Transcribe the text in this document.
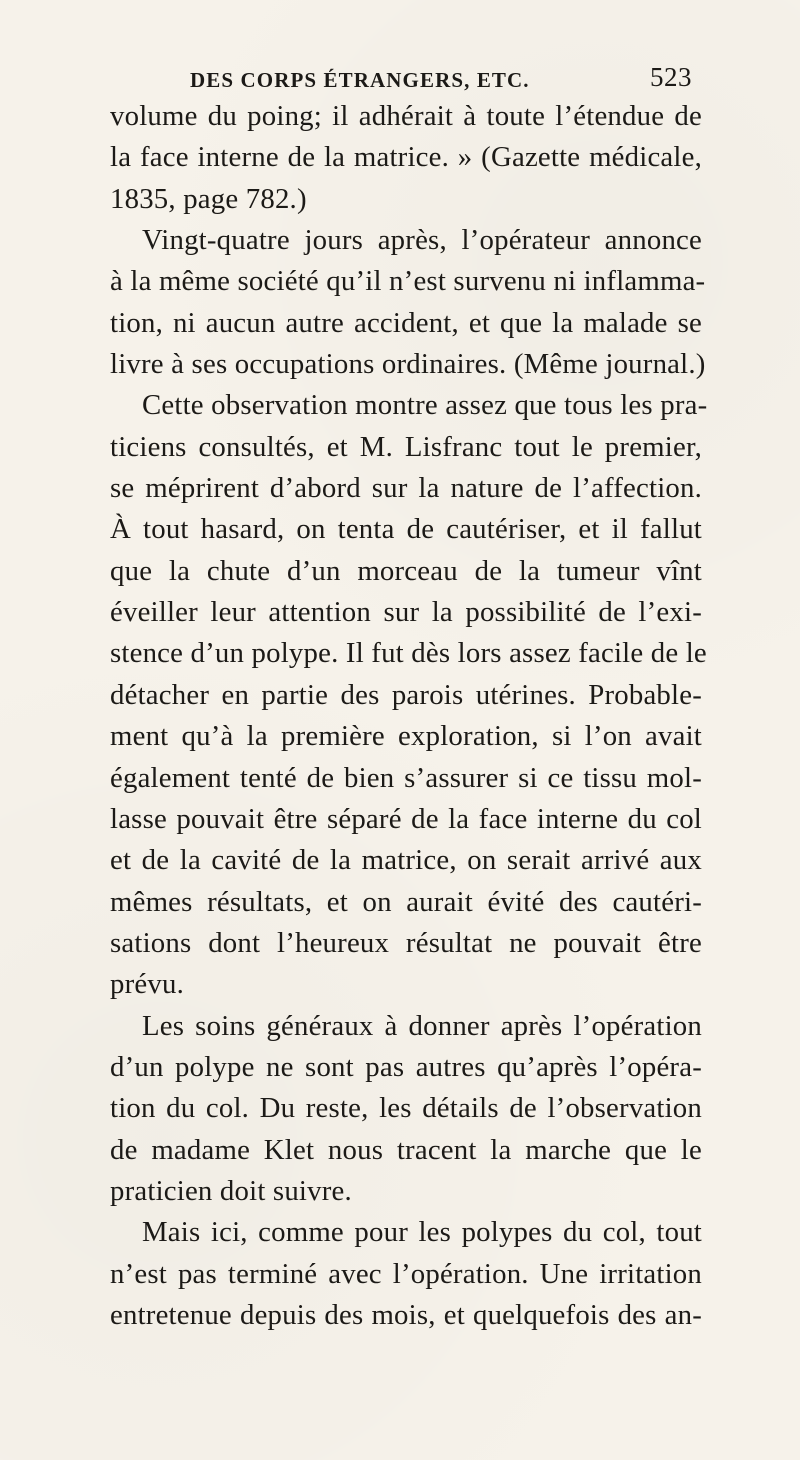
DES CORPS ÉTRANGERS, ETC.	523
volume du poing; il adhérait à toute l’étendue de
la face interne de la matrice. » (Gazette médicale,
1835, page 782.)
Vingt-quatre jours après, l’opérateur annonce
à la même société qu’il n’est survenu ni inflamma-
tion, ni aucun autre accident, et que la malade se
livre à ses occupations ordinaires. (Même journal.)
Cette observation montre assez que tous les pra-
ticiens consultés, et M. Lisfranc tout le premier,
se méprirent d’abord sur la nature de l’affection.
À tout hasard, on tenta de cautériser, et il fallut
que la chute d’un morceau de la tumeur vînt
éveiller leur attention sur la possibilité de l’exi-
stence d’un polype. Il fut dès lors assez facile de le
détacher en partie des parois utérines. Probable-
ment qu’à la première exploration, si l’on avait
également tenté de bien s’assurer si ce tissu mol-
lasse pouvait être séparé de la face interne du col
et de la cavité de la matrice, on serait arrivé aux
mêmes résultats, et on aurait évité des cautéri-
sations dont l’heureux résultat ne pouvait être
prévu.
Les soins généraux à donner après l’opération
d’un polype ne sont pas autres qu’après l’opéra-
tion du col. Du reste, les détails de l’observation
de madame Klet nous tracent la marche que le
praticien doit suivre.
Mais ici, comme pour les polypes du col, tout
n’est pas terminé avec l’opération. Une irritation
entretenue depuis des mois, et quelquefois des an-
